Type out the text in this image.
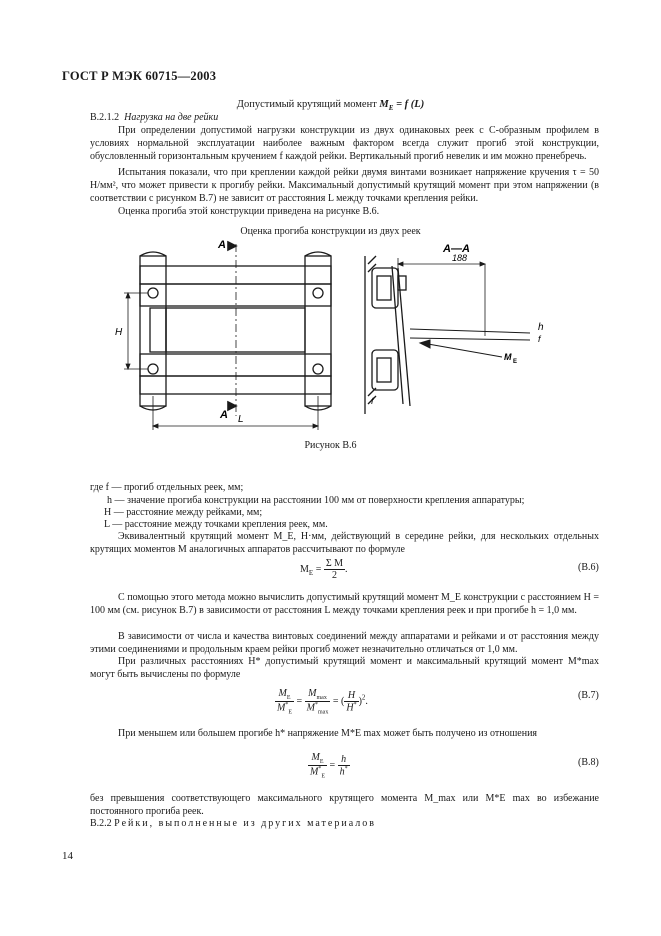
ГОСТ Р МЭК 60715—2003
Допустимый крутящий момент $M_E = f$ (L)
В.2.1.2 Нагрузка на две рейки
При определении допустимой нагрузки конструкции из двух одинаковых реек с С-образным профилем в условиях нормальной эксплуатации наиболее важным фактором всегда служит прогиб этой конструкции, обусловленный горизонтальным кручением f каждой рейки. Вертикальный прогиб невелик и им можно пренебречь.
Испытания показали, что при креплении каждой рейки двумя винтами возникает напряжение кручения τ = 50 Н/мм², что может привести к прогибу рейки. Максимальный допустимый крутящий момент при этом напряжении (в соответствии с рисунком В.7) не зависит от расстояния L между точками крепления рейки.
Оценка прогиба этой конструкции приведена на рисунке В.6.
Оценка прогиба конструкции из двух реек
A
A
H
L
A—A
188
h
f
M E
f
Рисунок В.6
где f — прогиб отдельных реек, мм;
h — значение прогиба конструкции на расстоянии 100 мм от поверхности крепления аппаратуры;
H — расстояние между рейками, мм;
L — расстояние между точками крепления реек, мм.
Эквивалентный крутящий момент M_E, Н·мм, действующий в середине рейки, для нескольких отдельных крутящих моментов M аналогичных аппаратов рассчитывают по формуле
$M_E = \frac{\text{Σ M}}{2}$ .	(В.6)
С помощью этого метода можно вычислить допустимый крутящий момент M_E конструкции с расстоянием H = 100 мм (см. рисунок В.7) в зависимости от расстояния L между точками крепления реек и при прогибе h = 1,0 мм.
В зависимости от числа и качества винтовых соединений между аппаратами и рейками и от расстояния между этими соединениями и продольным краем рейки прогиб может незначительно отличаться от 1,0 мм.
При различных расстояниях H* допустимый крутящий момент и максимальный крутящий момент M*max могут быть вычислены по формуле
$\frac{M_E}{M^*_E} = \frac{M_{max}}{M^*_{max}}$ = ( $\frac{H}{H^*} )^2$.
(В.7)
При меньшем или большем прогибе h* напряжение M*E max может быть получено из отношения
$\frac{M_E}{M^*_E} = \frac{h}{h^*}$	(В.8)
без превышения соответствующего максимального крутящего момента M_max или M*E max во избежание постоянного прогиба реек.
В.2.2 Рейки, выполненные из других материалов
14
